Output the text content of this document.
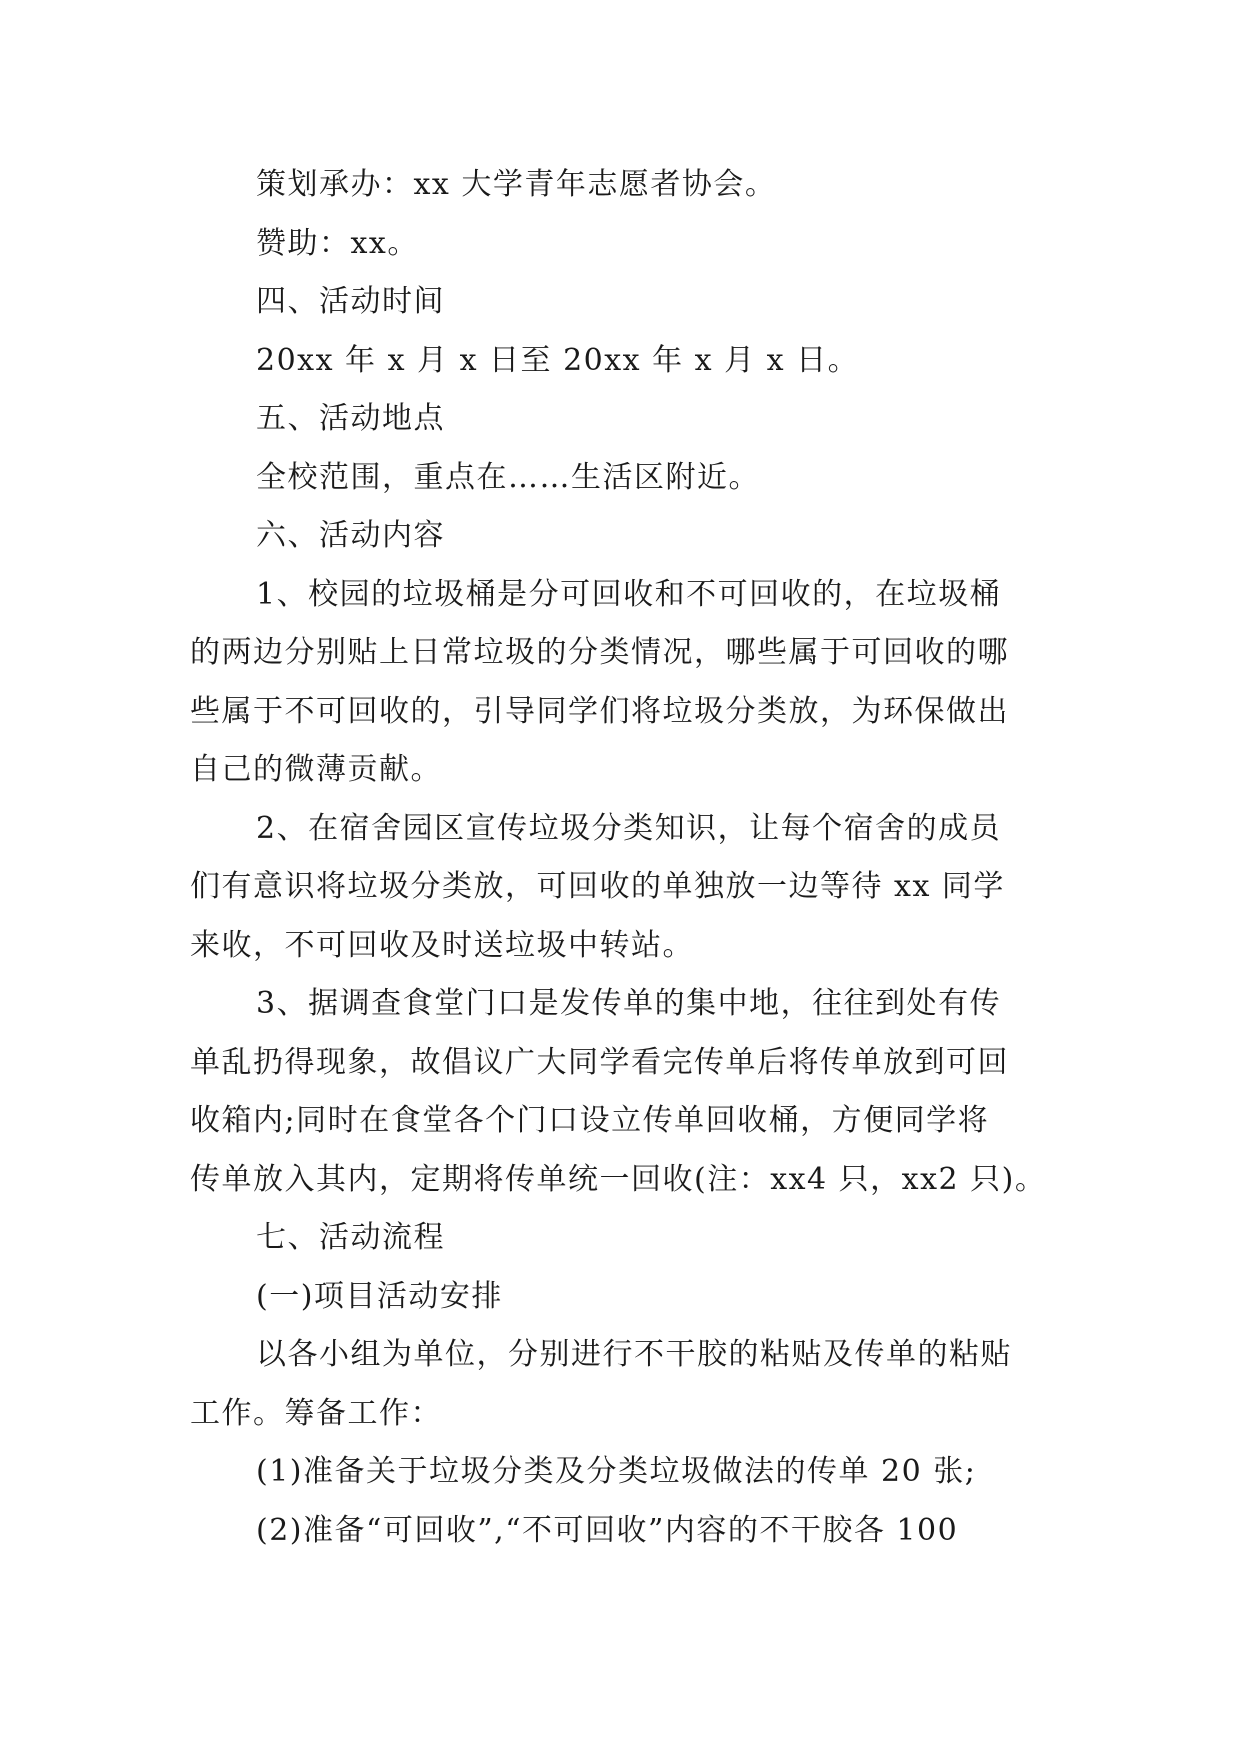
策划承办：xx 大学青年志愿者协会。
赞助：xx。
四、活动时间
20xx 年 x 月 x 日至 20xx 年 x 月 x 日。
五、活动地点
全校范围，重点在……生活区附近。
六、活动内容
1、校园的垃圾桶是分可回收和不可回收的，在垃圾桶
的两边分别贴上日常垃圾的分类情况，哪些属于可回收的哪
些属于不可回收的，引导同学们将垃圾分类放，为环保做出
自己的微薄贡献。
2、在宿舍园区宣传垃圾分类知识，让每个宿舍的成员
们有意识将垃圾分类放，可回收的单独放一边等待 xx 同学
来收，不可回收及时送垃圾中转站。
3、据调查食堂门口是发传单的集中地，往往到处有传
单乱扔得现象，故倡议广大同学看完传单后将传单放到可回
收箱内;同时在食堂各个门口设立传单回收桶，方便同学将
传单放入其内，定期将传单统一回收(注：xx4 只，xx2 只)。
七、活动流程
(一)项目活动安排
以各小组为单位，分别进行不干胶的粘贴及传单的粘贴
工作。筹备工作：
(1)准备关于垃圾分类及分类垃圾做法的传单 20 张;
(2)准备“可回收”,“不可回收”内容的不干胶各 100
